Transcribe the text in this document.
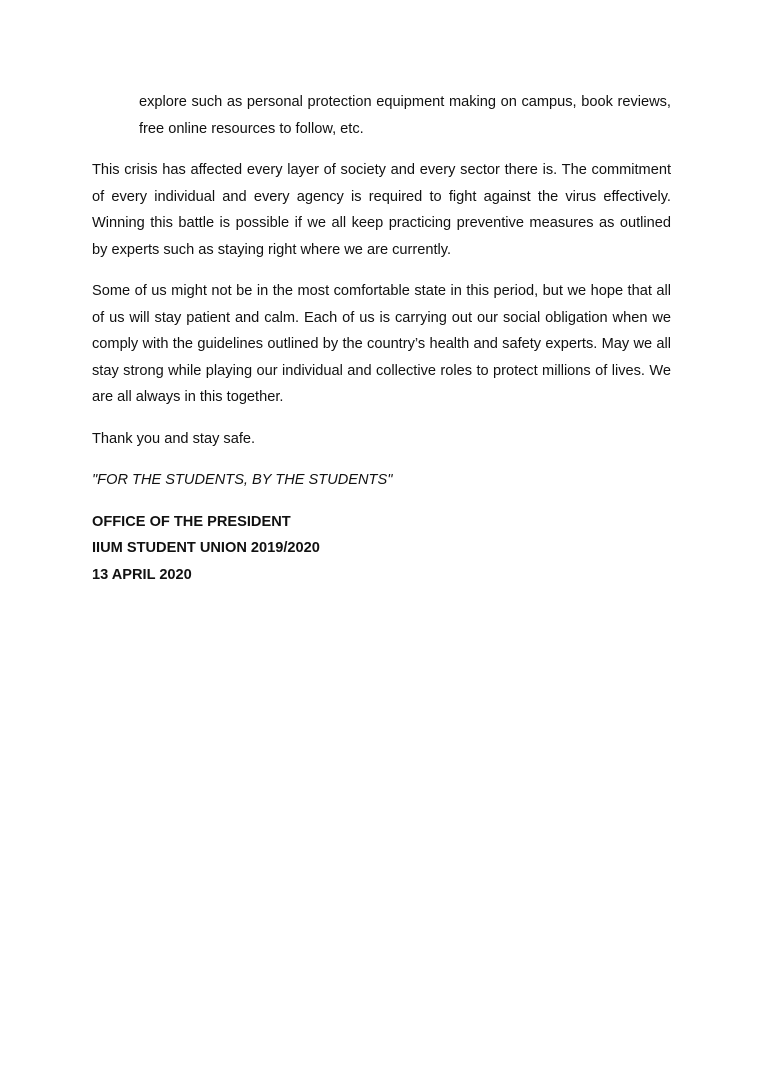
explore such as personal protection equipment making on campus, book reviews, free online resources to follow, etc.

This crisis has affected every layer of society and every sector there is. The commitment of every individual and every agency is required to fight against the virus effectively. Winning this battle is possible if we all keep practicing preventive measures as outlined by experts such as staying right where we are currently.

Some of us might not be in the most comfortable state in this period, but we hope that all of us will stay patient and calm. Each of us is carrying out our social obligation when we comply with the guidelines outlined by the country’s health and safety experts. May we all stay strong while playing our individual and collective roles to protect millions of lives. We are all always in this together.

Thank you and stay safe.

"FOR THE STUDENTS, BY THE STUDENTS"

OFFICE OF THE PRESIDENT
IIUM STUDENT UNION 2019/2020
13 APRIL 2020
